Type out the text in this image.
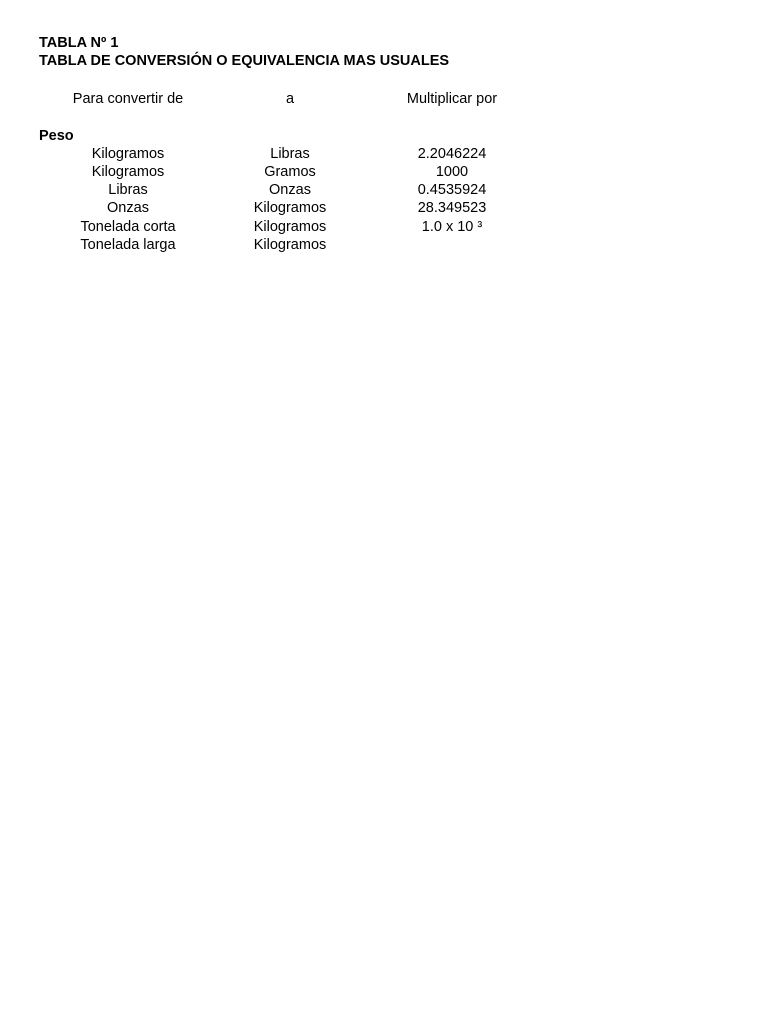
TABLA Nº 1
TABLA DE CONVERSIÓN O EQUIVALENCIA MAS USUALES
Para convertir de	a	Multiplicar por
Peso
Kilogramos	Libras	2.2046224
Kilogramos	Gramos	1000
Libras	Onzas	0.4535924
Onzas	Kilogramos	28.349523
Tonelada corta	Kilogramos	1.0 x 10 ³
Tonelada larga	Kilogramos
